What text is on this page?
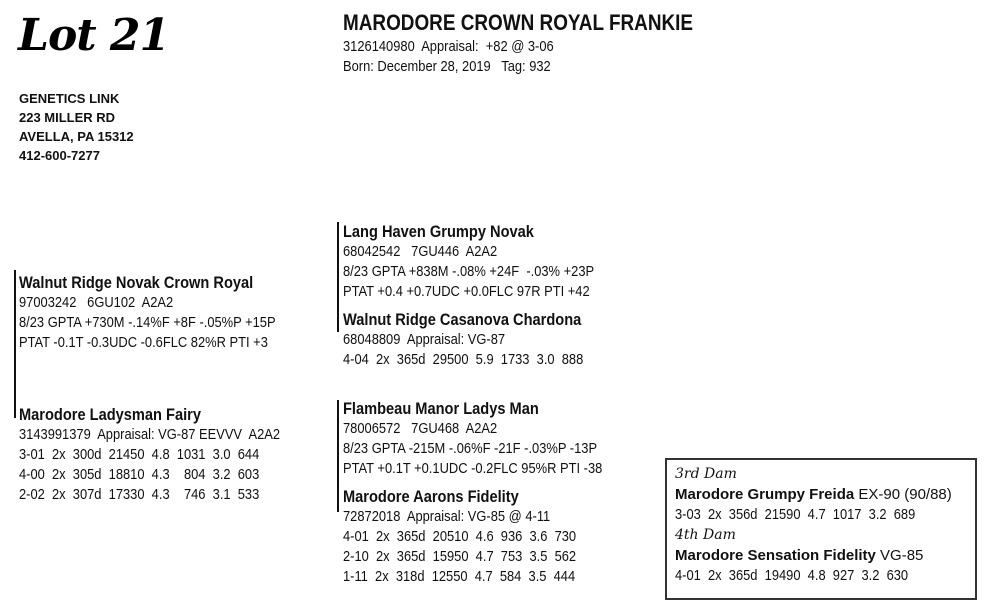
Lot 21
GENETICS LINK
223 MILLER RD
AVELLA, PA 15312
412-600-7277
MARODORE CROWN ROYAL FRANKIE
3126140980  Appraisal:  +82 @ 3-06
Born: December 28, 2019   Tag: 932
Walnut Ridge Novak Crown Royal
97003242   6GU102  A2A2
8/23 GPTA +730M -.14%F +8F -.05%P +15P
PTAT -0.1T -0.3UDC -0.6FLC 82%R PTI +3
Marodore Ladysman Fairy
3143991379  Appraisal: VG-87 EEVVV  A2A2
3-01  2x  300d  21450  4.8  1031  3.0  644
4-00  2x  305d  18810  4.3    804  3.2  603
2-02  2x  307d  17330  4.3    746  3.1  533
Lang Haven Grumpy Novak
68042542   7GU446  A2A2
8/23 GPTA +838M -.08% +24F  -.03% +23P
PTAT +0.4 +0.7UDC +0.0FLC 97R PTI +42
Walnut Ridge Casanova Chardona
68048809  Appraisal: VG-87
4-04  2x  365d  29500  5.9  1733  3.0  888
Flambeau Manor Ladys Man
78006572   7GU468  A2A2
8/23 GPTA -215M -.06%F -21F -.03%P -13P
PTAT +0.1T +0.1UDC -0.2FLC 95%R PTI -38
Marodore Aarons Fidelity
72872018  Appraisal: VG-85 @ 4-11
4-01  2x  365d  20510  4.6  936  3.6  730
2-10  2x  365d  15950  4.7  753  3.5  562
1-11  2x  318d  12550  4.7  584  3.5  444
3rd Dam
Marodore Grumpy Freida EX-90 (90/88)
3-03  2x  356d  21590  4.7  1017  3.2  689
4th Dam
Marodore Sensation Fidelity VG-85
4-01  2x  365d  19490  4.8  927  3.2  630
